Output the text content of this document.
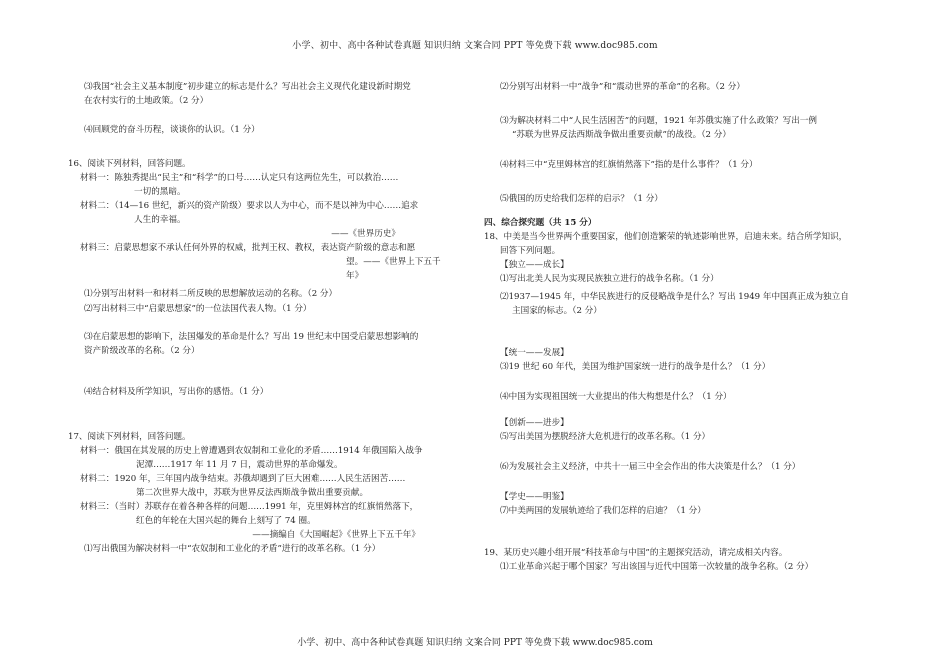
小学、初中、高中各种试卷真题 知识归纳 文案合同 PPT 等免费下载 www.doc985.com

⑶我国“社会主义基本制度”初步建立的标志是什么？写出社会主义现代化建设新时期党

在农村实行的土地政策。（2 分）

⑷回顾党的奋斗历程，谈谈你的认识。（1 分）

16、阅读下列材料，回答问题。

材料一：陈独秀提出“民主”和“科学”的口号……认定只有这两位先生，可以救治……

一切的黑暗。

材料二：（14—16 世纪，新兴的资产阶级）要求以人为中心，而不是以神为中心……追求

人生的幸福。

——《世界历史》

材料三：启蒙思想家不承认任何外界的权威，批判王权、教权，表达资产阶级的意志和愿

望。——《世界上下五千

年》

⑴分别写出材料一和材料二所反映的思想解放运动的名称。（2 分）

⑵写出材料三中“启蒙思想家”的一位法国代表人物。（1 分）

⑶在启蒙思想的影响下，法国爆发的革命是什么？写出 19 世纪末中国受启蒙思想影响的

资产阶级改革的名称。（2 分）

⑷结合材料及所学知识，写出你的感悟。（1 分）

17、阅读下列材料，回答问题。

材料一：俄国在其发展的历史上曾遭遇到农奴制和工业化的矛盾……1914 年俄国陷入战争

泥潭……1917 年 11 月 7 日，震动世界的革命爆发。

材料二：1920 年，三年国内战争结束。苏俄却遇到了巨大困难……人民生活困苦……

第二次世界大战中，苏联为世界反法西斯战争做出重要贡献。

材料三：（当时）苏联存在着各种各样的问题……1991 年，克里姆林宫的红旗悄然落下，

红色的年轮在大国兴起的舞台上刻写了 74 圈。

——摘编自《大国崛起》《世界上下五千年》

⑴写出俄国为解决材料一中“农奴制和工业化的矛盾”进行的改革名称。（1 分）

⑵分别写出材料一中“战争”和“震动世界的革命”的名称。（2 分）

⑶为解决材料二中“人民生活困苦”的问题，1921 年苏俄实施了什么政策？写出一例

“苏联为世界反法西斯战争做出重要贡献”的战役。（2 分）

⑷材料三中“克里姆林宫的红旗悄然落下”指的是什么事件？（1 分）

⑸俄国的历史给我们怎样的启示？（1 分）

四、综合探究题（共 15 分）

18、中美是当今世界两个重要国家，他们创造繁荣的轨迹影响世界，启迪未来。结合所学知识，

回答下列问题。

【独立——成长】

⑴写出北美人民为实现民族独立进行的战争名称。（1 分）

⑵1937—1945 年，中华民族进行的反侵略战争是什么？写出 1949 年中国真正成为独立自

主国家的标志。（2 分）

【统一——发展】

⑶19 世纪 60 年代，美国为维护国家统一进行的战争是什么？（1 分）

⑷中国为实现祖国统一大业提出的伟大构想是什么？（1 分）

【创新——进步】

⑸写出美国为摆脱经济大危机进行的改革名称。（1 分）

⑹为发展社会主义经济，中共十一届三中全会作出的伟大决策是什么？（1 分）

【学史——明鉴】

⑺中美两国的发展轨迹给了我们怎样的启迪？（1 分）

19、某历史兴趣小组开展“科技革命与中国”的主题探究活动，请完成相关内容。

⑴工业革命兴起于哪个国家？写出该国与近代中国第一次较量的战争名称。（2 分）

小学、初中、高中各种试卷真题 知识归纳 文案合同 PPT 等免费下载 www.doc985.com
